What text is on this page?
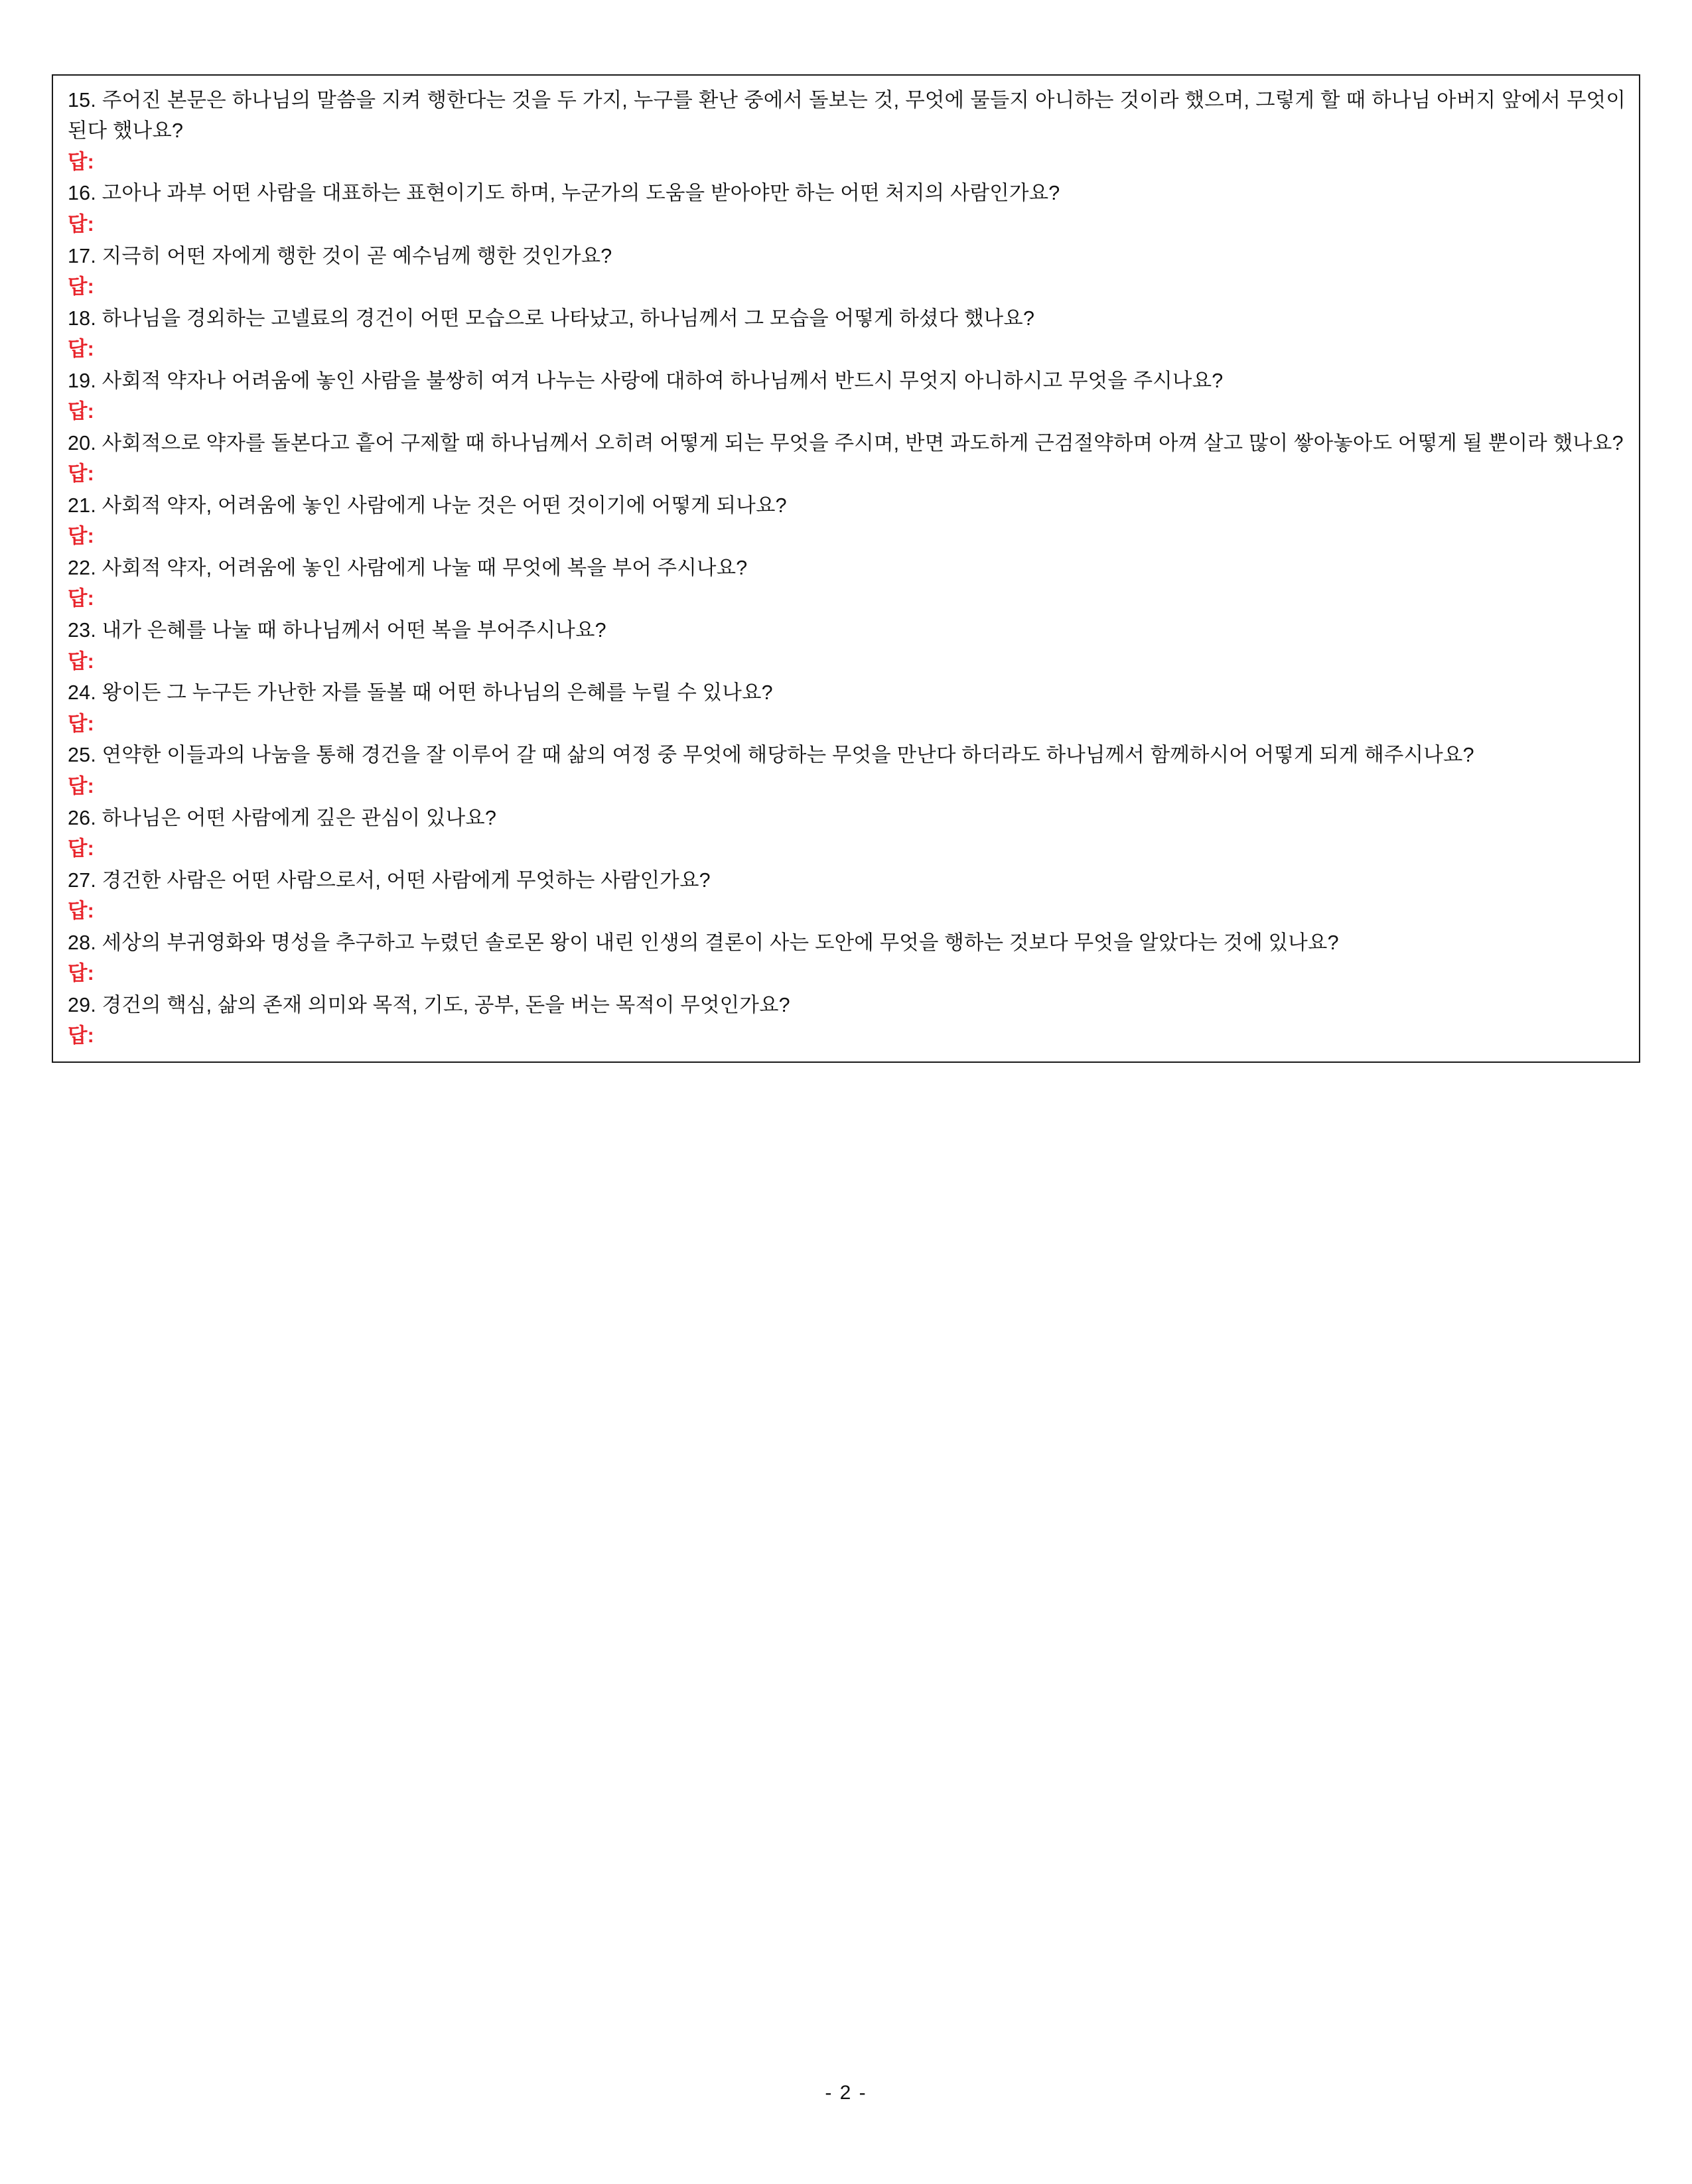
15. 주어진 본문은 하나님의 말씀을 지켜 행한다는 것을 두 가지, 누구를 환난 중에서 돌보는 것, 무엇에 물들지 아니하는 것이라 했으며, 그렇게 할 때 하나님 아버지 앞에서 무엇이 된다 했나요?

답:

16. 고아나 과부 어떤 사람을 대표하는 표현이기도 하며, 누군가의 도움을 받아야만 하는 어떤 처지의 사람인가요?

답:

17. 지극히 어떤 자에게 행한 것이 곧 예수님께 행한 것인가요?

답:

18. 하나님을 경외하는 고넬료의 경건이 어떤 모습으로 나타났고, 하나님께서 그 모습을 어떻게 하셨다 했나요?

답:

19. 사회적 약자나 어려움에 놓인 사람을 불쌍히 여겨 나누는 사랑에 대하여 하나님께서 반드시 무엇지 아니하시고 무엇을 주시나요?

답:

20. 사회적으로 약자를 돌본다고 흩어 구제할 때 하나님께서 오히려 어떻게 되는 무엇을 주시며, 반면 과도하게 근검절약하며 아껴 살고 많이 쌓아놓아도 어떻게 될 뿐이라 했나요?

답:

21. 사회적 약자, 어려움에 놓인 사람에게 나눈 것은 어떤 것이기에 어떻게 되나요?

답:

22. 사회적 약자, 어려움에 놓인 사람에게 나눌 때 무엇에 복을 부어 주시나요?

답:

23. 내가 은혜를 나눌 때 하나님께서 어떤 복을 부어주시나요?

답:

24. 왕이든 그 누구든 가난한 자를 돌볼 때 어떤 하나님의 은혜를 누릴 수 있나요?

답:

25. 연약한 이들과의 나눔을 통해 경건을 잘 이루어 갈 때 삶의 여정 중 무엇에 해당하는 무엇을 만난다 하더라도 하나님께서 함께하시어 어떻게 되게 해주시나요?

답:

26. 하나님은 어떤 사람에게 깊은 관심이 있나요?

답:

27. 경건한 사람은 어떤 사람으로서, 어떤 사람에게 무엇하는 사람인가요?

답:

28. 세상의 부귀영화와 명성을 추구하고 누렸던 솔로몬 왕이 내린 인생의 결론이 사는 도안에 무엇을 행하는 것보다 무엇을 알았다는 것에 있나요?

답:

29. 경건의 핵심, 삶의 존재 의미와 목적, 기도, 공부, 돈을 버는 목적이 무엇인가요?

답:

- 2 -
